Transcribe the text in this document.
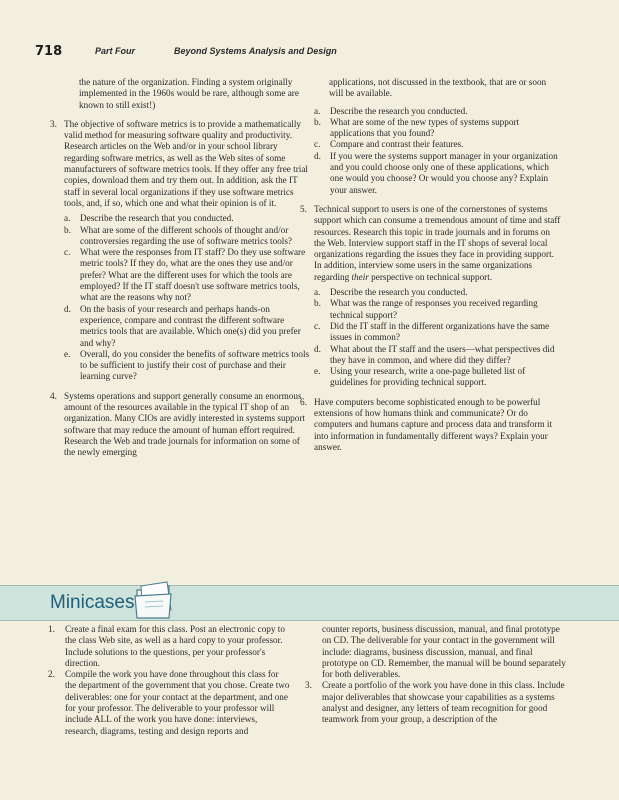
718	Part Four	Beyond Systems Analysis and Design

the nature of the organization. Finding a system originally implemented in the 1960s would be rare, although some are known to still exist!)

3. The objective of software metrics is to provide a mathematically valid method for measuring software quality and productivity. Research articles on the Web and/or in your school library regarding software metrics, as well as the Web sites of some manufacturers of software metrics tools. If they offer any free trial copies, download them and try them out. In addition, ask the IT staff in several local organizations if they use software metrics tools, and, if so, which one and what their opinion is of it.

a. Describe the research that you conducted.
b. What are some of the different schools of thought and/or controversies regarding the use of software metrics tools?
c. What were the responses from IT staff? Do they use software metric tools? If they do, what are the ones they use and/or prefer? What are the different uses for which the tools are employed? If the IT staff doesn't use software metrics tools, what are the reasons why not?
d. On the basis of your research and perhaps hands-on experience, compare and contrast the different software metrics tools that are available. Which one(s) did you prefer and why?
e. Overall, do you consider the benefits of software metrics tools to be sufficient to justify their cost of purchase and their learning curve?
4. Systems operations and support generally consume an enormous amount of the resources available in the typical IT shop of an organization. Many CIOs are avidly interested in systems support software that may reduce the amount of human effort required. Research the Web and trade journals for information on some of the newly emerging

applications, not discussed in the textbook, that are or soon will be available.

a. Describe the research you conducted.
b. What are some of the new types of systems support applications that you found?
c. Compare and contrast their features.
d. If you were the systems support manager in your organization and you could choose only one of these applications, which one would you choose? Or would you choose any? Explain your answer.
5. Technical support to users is one of the cornerstones of systems support which can consume a tremendous amount of time and staff resources. Research this topic in trade journals and in forums on the Web. Interview support staff in the IT shops of several local organizations regarding the issues they face in providing support. In addition, interview some users in the same organizations regarding their perspective on technical support.

a. Describe the research you conducted.
b. What was the range of responses you received regarding technical support?
c. Did the IT staff in the different organizations have the same issues in common?
d. What about the IT staff and the users—what perspectives did they have in common, and where did they differ?
e. Using your research, write a one-page bulleted list of guidelines for providing technical support.
6. Have computers become sophisticated enough to be powerful extensions of how humans think and communicate? Or do computers and humans capture and process data and transform it into information in fundamentally different ways? Explain your answer.

Minicases
1. Create a final exam for this class. Post an electronic copy to the class Web site, as well as a hard copy to your professor. Include solutions to the questions, per your professor's direction.

2. Compile the work you have done throughout this class for the department of the government that you chose. Create two deliverables: one for your contact at the department, and one for your professor. The deliverable to your professor will include ALL of the work you have done: interviews, research, diagrams, testing and design reports and

counter reports, business discussion, manual, and final prototype on CD. The deliverable for your contact in the government will include: diagrams, business discussion, manual, and final prototype on CD. Remember, the manual will be bound separately for both deliverables.

3. Create a portfolio of the work you have done in this class. Include major deliverables that showcase your capabilities as a systems analyst and designer, any letters of team recognition for good teamwork from your group, a description of the
